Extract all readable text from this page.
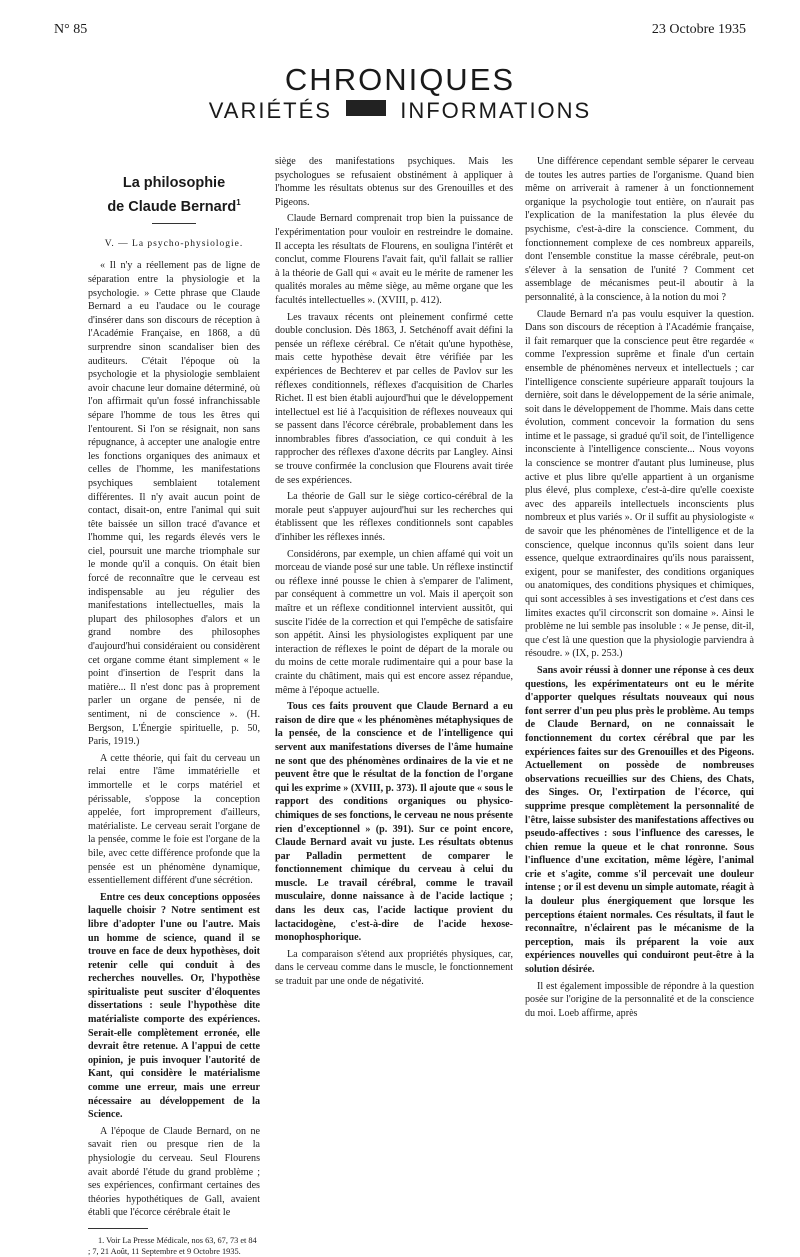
N° 85	23 Octobre 1935
CHRONIQUES
VARIÉTÉS	INFORMATIONS
La philosophie
de Claude Bernard$^1$
V. — La psycho-physiologie.

« Il n'y a réellement pas de ligne de séparation entre la physiologie et la psychologie. » Cette phrase que Claude Bernard a eu l'audace ou le courage d'insérer dans son discours de réception à l'Académie Française, en 1868, a dû surprendre sinon scandaliser bien des auditeurs. C'était l'époque où la psychologie et la physiologie semblaient avoir chacune leur domaine déterminé, où l'on affirmait qu'un fossé infranchissable sépare l'homme de tous les êtres qui l'entourent. Si l'on se résignait, non sans répugnance, à accepter une analogie entre les fonctions organiques des animaux et celles de l'homme, les manifestations psychiques semblaient totalement différentes. Il n'y avait aucun point de contact, disait-on, entre l'animal qui suit tête baissée un sillon tracé d'avance et l'homme qui, les regards élevés vers le ciel, poursuit une marche triomphale sur le monde qu'il a conquis. On était bien forcé de reconnaître que le cerveau est indispensable au jeu régulier des manifestations intellectuelles, mais la plupart des philosophes d'alors et un grand nombre des philosophes d'aujourd'hui considéraient ou considèrent cet organe comme étant simplement « le point d'insertion de l'esprit dans la matière... Il n'est donc pas à proprement parler un organe de pensée, ni de sentiment, ni de conscience ». (H. Bergson, L'Énergie spirituelle, p. 50, Paris, 1919.)

A cette théorie, qui fait du cerveau un relai entre l'âme immatérielle et immortelle et le corps matériel et périssable, s'oppose la conception appelée, fort improprement d'ailleurs, matérialiste. Le cerveau serait l'organe de la pensée, comme le foie est l'organe de la bile, avec cette différence profonde que la pensée est un phénomène dynamique, essentiellement différent d'une sécrétion.

Entre ces deux conceptions opposées laquelle choisir ? Notre sentiment est libre d'adopter l'une ou l'autre. Mais un homme de science, quand il se trouve en face de deux hypothèses, doit retenir celle qui conduit à des recherches nouvelles. Or, l'hypothèse spiritualiste peut susciter d'éloquentes dissertations : seule l'hypothèse dite matérialiste comporte des expériences. Serait-elle complètement erronée, elle devrait être retenue. A l'appui de cette opinion, je puis invoquer l'autorité de Kant, qui considère le matérialisme comme une erreur, mais une erreur nécessaire au développement de la Science.

A l'époque de Claude Bernard, on ne savait rien ou presque rien de la physiologie du cerveau. Seul Flourens avait abordé l'étude du grand problème ; ses expériences, confirmant certaines des théories hypothétiques de Gall, avaient établi que l'écorce cérébrale était le

1. Voir La Presse Médicale, nos 63, 67, 73 et 84 ; 7, 21 Août, 11 Septembre et 9 Octobre 1935.

siège des manifestations psychiques. Mais les psychologues se refusaient obstinément à appliquer à l'homme les résultats obtenus sur des Grenouilles et des Pigeons.

Claude Bernard comprenait trop bien la puissance de l'expérimentation pour vouloir en restreindre le domaine. Il accepta les résultats de Flourens, en souligna l'intérêt et conclut, comme Flourens l'avait fait, qu'il fallait se rallier à la théorie de Gall qui « avait eu le mérite de ramener les qualités morales au même siège, au même organe que les facultés intellectuelles ». (XVIII, p. 412).

Les travaux récents ont pleinement confirmé cette double conclusion. Dès 1863, J. Setchénoff avait défini la pensée un réflexe cérébral. Ce n'était qu'une hypothèse, mais cette hypothèse devait être vérifiée par les expériences de Bechterev et par celles de Pavlov sur les réflexes conditionnels, réflexes d'acquisition de Charles Richet. Il est bien établi aujourd'hui que le développement intellectuel est lié à l'acquisition de réflexes nouveaux qui se passent dans l'écorce cérébrale, probablement dans les innombrables fibres d'association, ce qui conduit à les rapprocher des réflexes d'axone décrits par Langley. Ainsi se trouve confirmée la conclusion que Flourens avait tirée de ses expériences.

La théorie de Gall sur le siège cortico-cérébral de la morale peut s'appuyer aujourd'hui sur les recherches qui établissent que les réflexes conditionnels sont capables d'inhiber les réflexes innés.

Considérons, par exemple, un chien affamé qui voit un morceau de viande posé sur une table. Un réflexe instinctif ou réflexe inné pousse le chien à s'emparer de l'aliment, par conséquent à commettre un vol. Mais il aperçoit son maître et un réflexe conditionnel intervient aussitôt, qui suscite l'idée de la correction et qui l'empêche de satisfaire son appétit. Ainsi les physiologistes expliquent par une interaction de réflexes le point de départ de la morale ou du moins de cette morale rudimentaire qui a pour base la crainte du châtiment, mais qui est encore assez répandue, même à l'époque actuelle.

Tous ces faits prouvent que Claude Bernard a eu raison de dire que « les phénomènes métaphysiques de la pensée, de la conscience et de l'intelligence qui servent aux manifestations diverses de l'âme humaine ne sont que des phénomènes ordinaires de la vie et ne peuvent être que le résultat de la fonction de l'organe qui les exprime » (XVIII, p. 373). Il ajoute que « sous le rapport des conditions organiques ou physico-chimiques de ses fonctions, le cerveau ne nous présente rien d'exceptionnel » (p. 391). Sur ce point encore, Claude Bernard avait vu juste. Les résultats obtenus par Palladin permettent de comparer le fonctionnement chimique du cerveau à celui du muscle. Le travail cérébral, comme le travail musculaire, donne naissance à de l'acide lactique ; dans les deux cas, l'acide lactique provient du lactacidogène, c'est-à-dire de l'acide hexose-monophosphorique.

La comparaison s'étend aux propriétés physiques, car, dans le cerveau comme dans le muscle, le fonctionnement se traduit par une onde de négativité.

Une différence cependant semble séparer le cerveau de toutes les autres parties de l'organisme. Quand bien même on arriverait à ramener à un fonctionnement organique la psychologie tout entière, on n'aurait pas l'explication de la manifestation la plus élevée du psychisme, c'est-à-dire la conscience. Comment, du fonctionnement complexe de ces nombreux appareils, dont l'ensemble constitue la masse cérébrale, peut-on s'élever à la sensation de l'unité ? Comment cet assemblage de mécanismes peut-il aboutir à la personnalité, à la conscience, à la notion du moi ?

Claude Bernard n'a pas voulu esquiver la question. Dans son discours de réception à l'Académie française, il fait remarquer que la conscience peut être regardée « comme l'expression suprême et finale d'un certain ensemble de phénomènes nerveux et intellectuels ; car l'intelligence consciente supérieure apparaît toujours la dernière, soit dans le développement de la série animale, soit dans le développement de l'homme. Mais dans cette évolution, comment concevoir la formation du sens intime et le passage, si gradué qu'il soit, de l'intelligence inconsciente à l'intelligence consciente... Nous voyons la conscience se montrer d'autant plus lumineuse, plus active et plus libre qu'elle appartient à un organisme plus élevé, plus complexe, c'est-à-dire qu'elle coexiste avec des appareils intellectuels inconscients plus nombreux et plus variés ». Or il suffit au physiologiste « de savoir que les phénomènes de l'intelligence et de la conscience, quelque inconnus qu'ils soient dans leur essence, quelque extraordinaires qu'ils nous paraissent, exigent, pour se manifester, des conditions organiques ou anatomiques, des conditions physiques et chimiques, qui sont accessibles à ses investigations et c'est dans ces limites exactes qu'il circonscrit son domaine ». Ainsi le problème ne lui semble pas insoluble : « Je pense, dit-il, que c'est là une question que la physiologie parviendra à résoudre. » (IX, p. 253.)

Sans avoir réussi à donner une réponse à ces deux questions, les expérimentateurs ont eu le mérite d'apporter quelques résultats nouveaux qui nous font serrer d'un peu plus près le problème. Au temps de Claude Bernard, on ne connaissait le fonctionnement du cortex cérébral que par les expériences faites sur des Grenouilles et des Pigeons. Actuellement on possède de nombreuses observations recueillies sur des Chiens, des Chats, des Singes. Or, l'extirpation de l'écorce, qui supprime presque complètement la personnalité de l'être, laisse subsister des manifestations affectives ou pseudo-affectives : sous l'influence des caresses, le chien remue la queue et le chat ronronne. Sous l'influence d'une excitation, même légère, l'animal crie et s'agite, comme s'il percevait une douleur intense ; or il est devenu un simple automate, réagit à la douleur plus énergiquement que lorsque les perceptions étaient normales. Ces résultats, il faut le reconnaître, n'éclairent pas le mécanisme de la perception, mais ils préparent la voie aux expériences nouvelles qui conduiront peut-être à la solution désirée.

Il est également impossible de répondre à la question posée sur l'origine de la personnalité et de la conscience du moi. Loeb affirme, après
